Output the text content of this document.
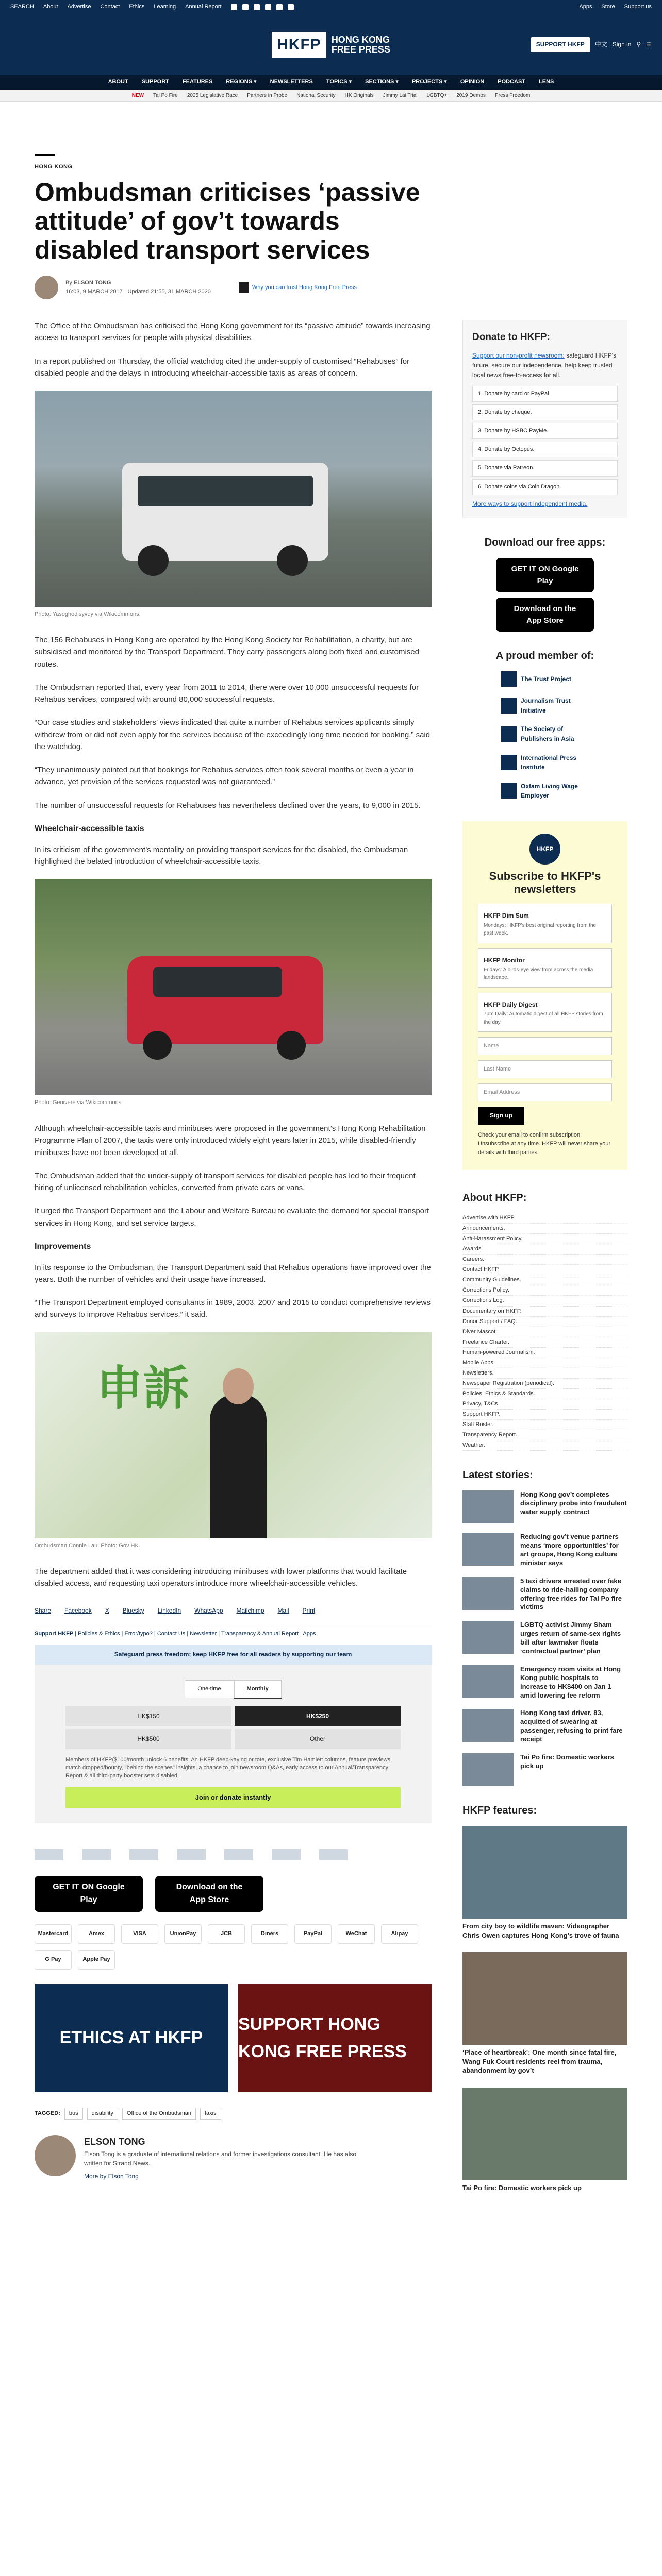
SEARCH About Advertise Contact Ethics Learning Annual Report	Apps Store Support us
HKFP	HONG KONG
FREE PRESS	SUPPORT HKFP	中文 Sign in ⚲ ☰
ABOUT SUPPORT FEATURES REGIONS ▾ NEWSLETTERS TOPICS ▾ SECTIONS ▾ PROJECTS ▾ OPINION PODCAST LENS
NEW Tai Po Fire 2025 Legislative Race Partners in Probe National Security HK Originals Jimmy Lai Trial LGBTQ+ 2019 Demos Press Freedom
HONG KONG
Ombudsman criticises ‘passive attitude’ of gov’t towards disabled transport services
By ELSON TONG
16:03, 9 MARCH 2017 · Updated 21:55, 31 MARCH 2020
Why you can trust Hong Kong Free Press

The Office of the Ombudsman has criticised the Hong Kong government for its “passive attitude” towards increasing access to transport services for people with physical disabilities.

In a report published on Thursday, the official watchdog cited the under-supply of customised “Rehabuses” for disabled people and the delays in introducing wheelchair-accessible taxis as areas of concern.

Photo: Yasoghodjsyvoy via Wikicommons.

The 156 Rehabuses in Hong Kong are operated by the Hong Kong Society for Rehabilitation, a charity, but are subsidised and monitored by the Transport Department. They carry passengers along both fixed and customised routes.

The Ombudsman reported that, every year from 2011 to 2014, there were over 10,000 unsuccessful requests for Rehabus services, compared with around 80,000 successful requests.

“Our case studies and stakeholders’ views indicated that quite a number of Rehabus services applicants simply withdrew from or did not even apply for the services because of the exceedingly long time needed for booking,” said the watchdog.

“They unanimously pointed out that bookings for Rehabus services often took several months or even a year in advance, yet provision of the services requested was not guaranteed.”

The number of unsuccessful requests for Rehabuses has nevertheless declined over the years, to 9,000 in 2015.

Wheelchair-accessible taxis

In its criticism of the government’s mentality on providing transport services for the disabled, the Ombudsman highlighted the belated introduction of wheelchair-accessible taxis.

Photo: Genivere via Wikicommons.

Although wheelchair-accessible taxis and minibuses were proposed in the government’s Hong Kong Rehabilitation Programme Plan of 2007, the taxis were only introduced widely eight years later in 2015, while disabled-friendly minibuses have not been developed at all.

The Ombudsman added that the under-supply of transport services for disabled people has led to their frequent hiring of unlicensed rehabilitation vehicles, converted from private cars or vans.

It urged the Transport Department and the Labour and Welfare Bureau to evaluate the demand for special transport services in Hong Kong, and set service targets.

Improvements

In its response to the Ombudsman, the Transport Department said that Rehabus operations have improved over the years. Both the number of vehicles and their usage have increased.

“The Transport Department employed consultants in 1989, 2003, 2007 and 2015 to conduct comprehensive reviews and surveys to improve Rehabus services,” it said.

申訴
Ombudsman Connie Lau. Photo: Gov HK.

The department added that it was considering introducing minibuses with lower platforms that would facilitate disabled access, and requesting taxi operators introduce more wheelchair-accessible vehicles.

Share Facebook X Bluesky LinkedIn WhatsApp Mailchimp Mail Print
Support HKFP | Policies & Ethics | Error/typo? | Contact Us | Newsletter | Transparency & Annual Report | Apps
Safeguard press freedom; keep HKFP free for all readers by supporting our team
One-time	Monthly
HK$150	HK$250
HK$500	Other
Members of HKFP($100/month unlock 6 benefits: An HKFP deep-kaying or tote, exclusive Tim Hamlett columns, feature previews, match dropped/bounty, "behind the scenes" insights, a chance to join newsroom Q&As, early access to our Annual/Transparency Report & all third-party booster sets disabled.
Join or donate instantly
GET IT ON Google Play
Download on the App Store
Mastercard	Amex	VISA	UnionPay	JCB	Diners	PayPal	WeChat	Alipay
G Pay	Apple Pay
ETHICS AT HKFP
SUPPORT HONG KONG FREE PRESS
TAGGED:	bus	disability	Office of the Ombudsman	taxis
ELSON TONG
Elson Tong is a graduate of international relations and former investigations consultant. He has also written for Strand News.
More by Elson Tong
Donate to HKFP:
Support our non-profit newsroom: safeguard HKFP's future, secure our independence, help keep trusted local news free-to-access for all.
1. Donate by card or PayPal.
2. Donate by cheque.
3. Donate by HSBC PayMe.
4. Donate by Octopus.
5. Donate via Patreon.
6. Donate coins via Coin Dragon.
More ways to support independent media.
Download our free apps:
GET IT ON Google Play
Download on the App Store
A proud member of:
The Trust Project
Journalism Trust Initiative
The Society of Publishers in Asia
International Press Institute
Oxfam Living Wage Employer
HKFP
Subscribe to HKFP's newsletters
HKFP Dim Sum

Mondays: HKFP's best original reporting from the past week.

HKFP Monitor

Fridays: A birds-eye view from across the media landscape.

HKFP Daily Digest

7pm Daily: Automatic digest of all HKFP stories from the day.

Name
Last Name
Email Address
Sign up
Check your email to confirm subscription. Unsubscribe at any time. HKFP will never share your details with third parties.
About HKFP:
Advertise with HKFP.
Announcements.
Anti-Harassment Policy.
Awards.
Careers.
Contact HKFP.
Community Guidelines.
Corrections Policy.
Corrections Log.
Documentary on HKFP.
Donor Support / FAQ.
Diver Mascot.
Freelance Charter.
Human-powered Journalism.
Mobile Apps.
Newsletters.
Newspaper Registration (periodical).
Policies, Ethics & Standards.
Privacy, T&Cs.
Support HKFP.
Staff Roster.
Transparency Report.
Weather.
Latest stories:
Hong Kong gov’t completes disciplinary probe into fraudulent water supply contract
Reducing gov’t venue partners means ‘more opportunities’ for art groups, Hong Kong culture minister says
5 taxi drivers arrested over fake claims to ride-hailing company offering free rides for Tai Po fire victims
LGBTQ activist Jimmy Sham urges return of same-sex rights bill after lawmaker floats ‘contractual partner’ plan
Emergency room visits at Hong Kong public hospitals to increase to HK$400 on Jan 1 amid lowering fee reform
Hong Kong taxi driver, 83, acquitted of swearing at passenger, refusing to print fare receipt
Tai Po fire: Domestic workers pick up
HKFP features:
From city boy to wildlife maven: Videographer Chris Owen captures Hong Kong’s trove of fauna
‘Place of heartbreak’: One month since fatal fire, Wang Fuk Court residents reel from trauma, abandonment by gov’t
Tai Po fire: Domestic workers pick up
